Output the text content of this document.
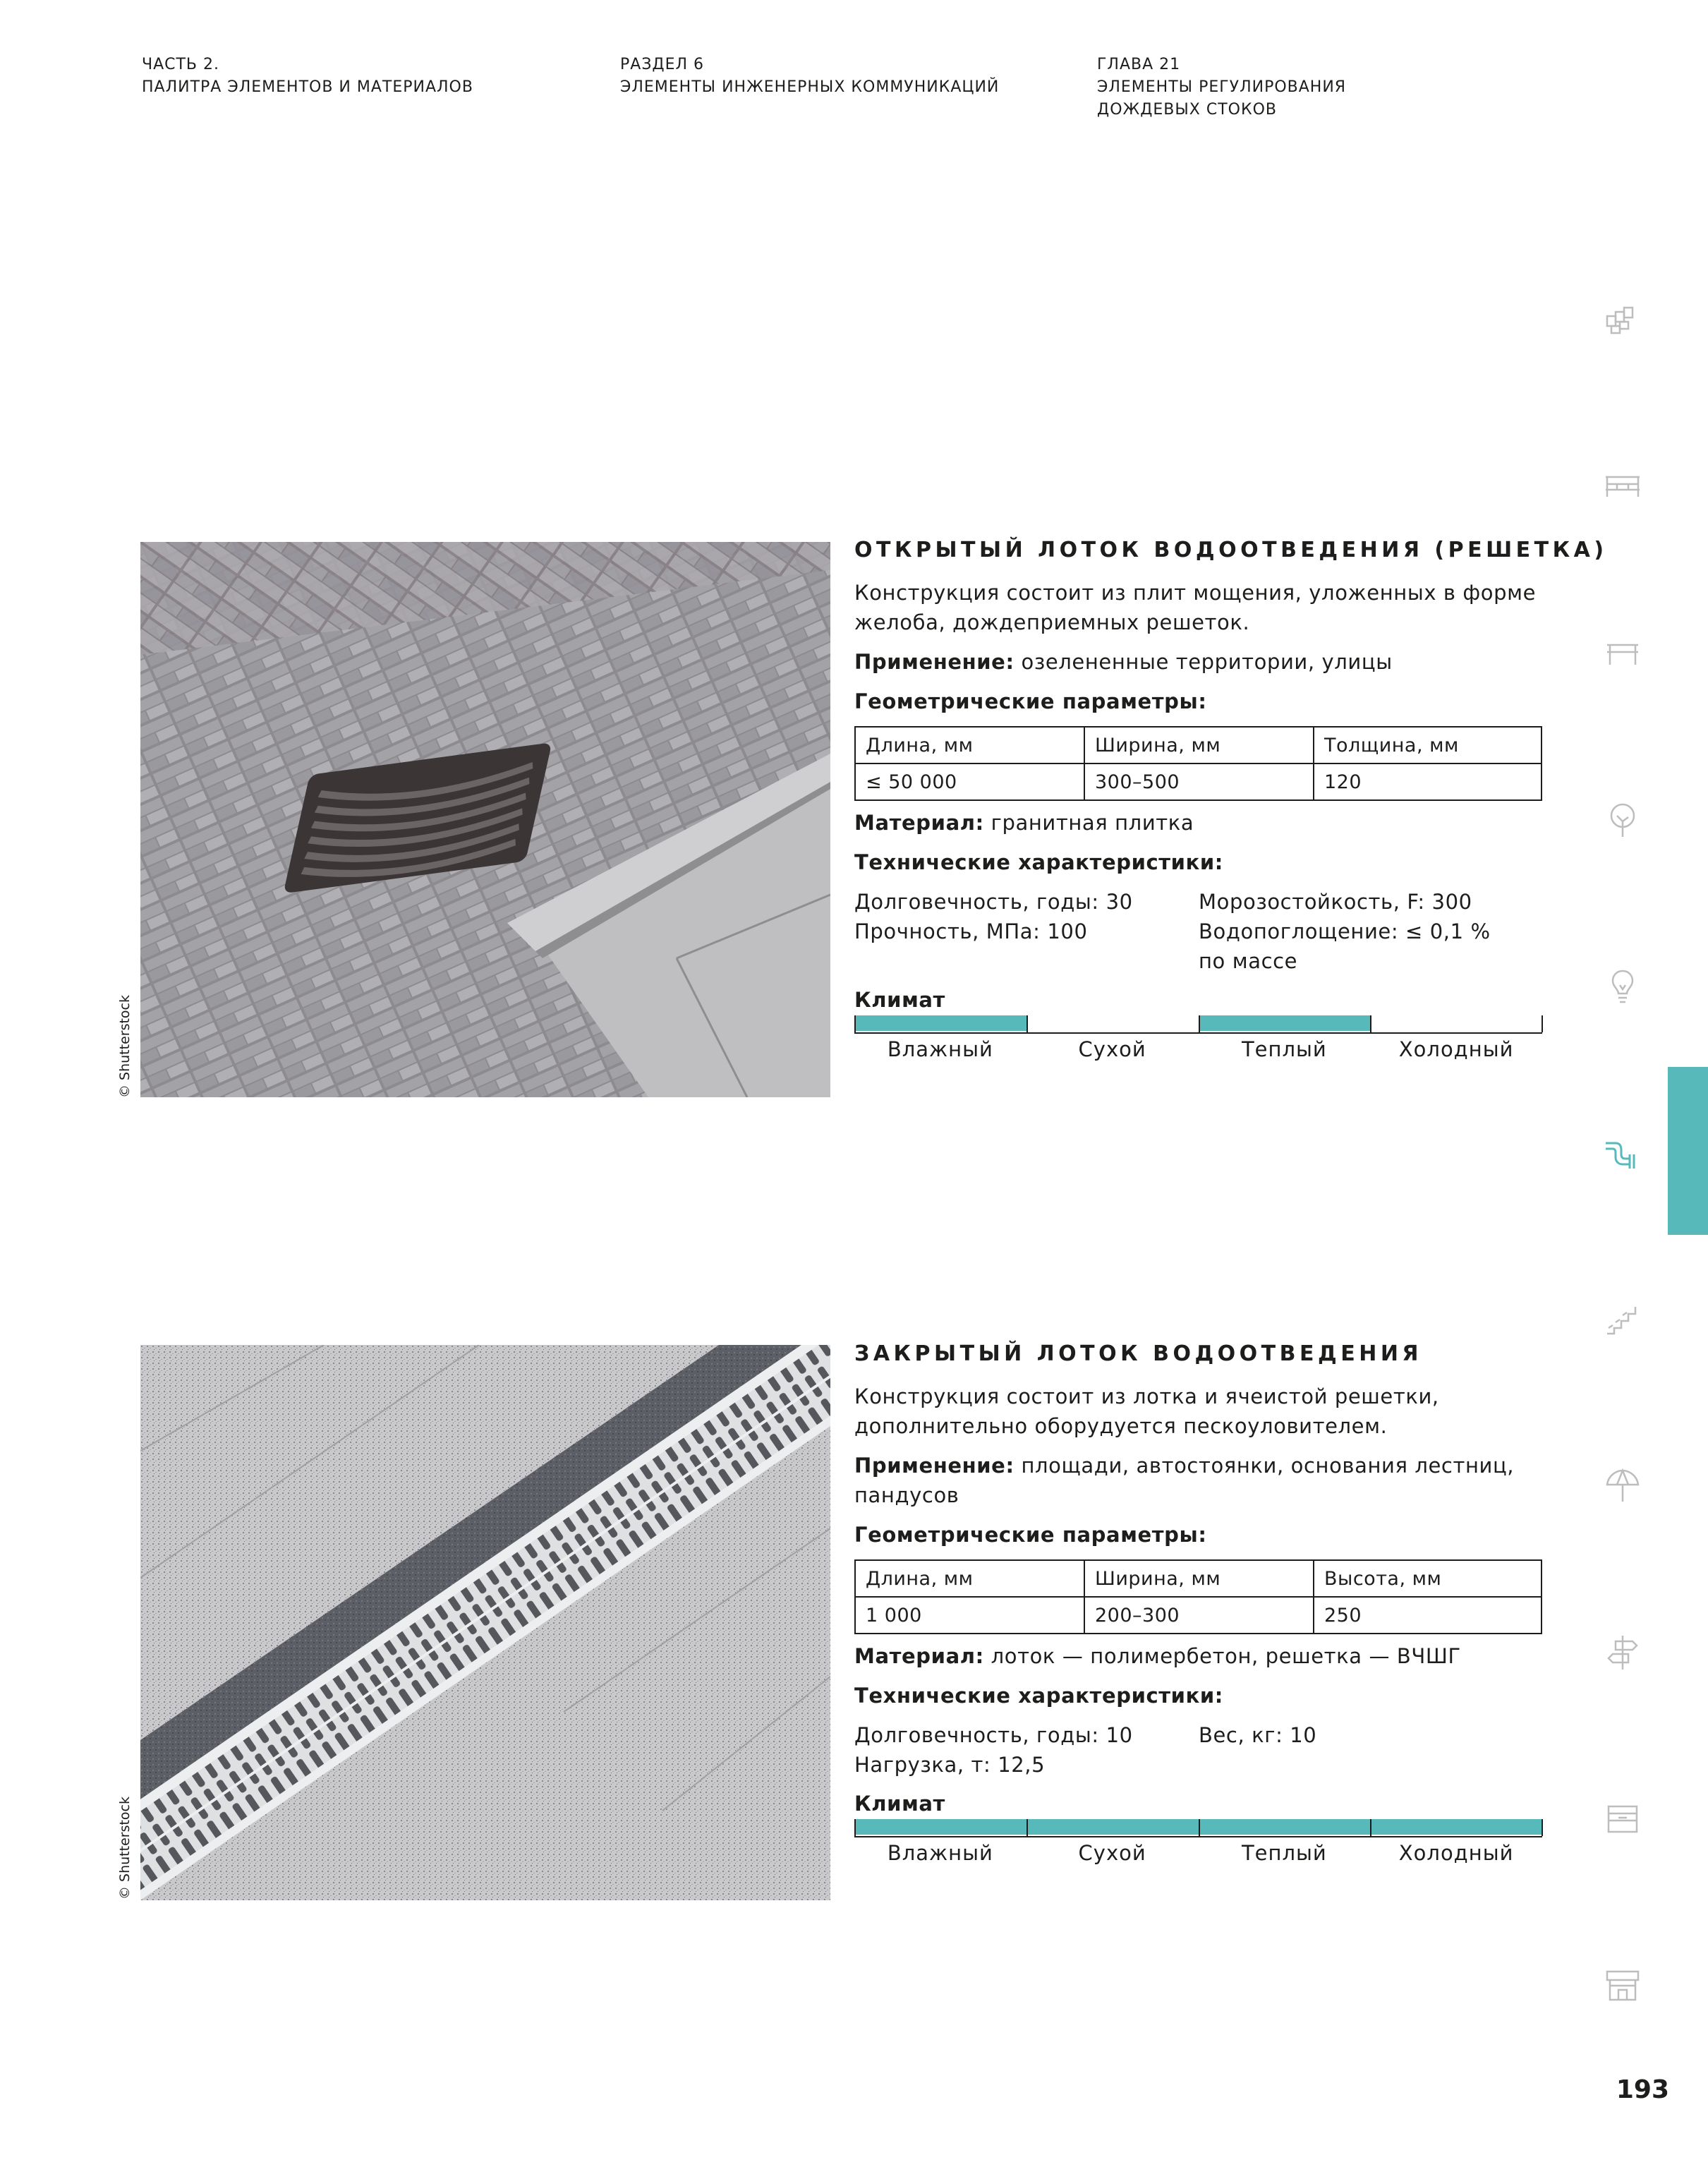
ЧАСТЬ 2.
ПАЛИТРА ЭЛЕМЕНТОВ И МАТЕРИАЛОВ
РАЗДЕЛ 6
ЭЛЕМЕНТЫ ИНЖЕНЕРНЫХ КОММУНИКАЦИЙ
ГЛАВА 21
ЭЛЕМЕНТЫ РЕГУЛИРОВАНИЯ
ДОЖДЕВЫХ СТОКОВ
193
© Shutterstock
ОТКРЫТЫЙ ЛОТОК ВОДООТВЕДЕНИЯ (РЕШЕТКА)
Конструкция состоит из плит мощения, уложенных в форме желоба, дождеприемных решеток.
Применение: озелененные территории, улицы
Геометрические параметры:
Длина, мм	Ширина, мм	Толщина, мм
≤ 50 000	300–500	120
Материал: гранитная плитка
Технические характеристики:
Долговечность, годы: 30
Прочность, МПа: 100
Морозостойкость, F: 300
Водопоглощение: ≤ 0,1 %
по массе
Климат
Влажный	Сухой	Теплый	Холодный
© Shutterstock
ЗАКРЫТЫЙ ЛОТОК ВОДООТВЕДЕНИЯ
Конструкция состоит из лотка и ячеистой решетки, дополнительно оборудуется пескоуловителем.
Применение: площади, автостоянки, основания лестниц, пандусов
Геометрические параметры:
Длина, мм	Ширина, мм	Высота, мм
1 000	200–300	250
Материал: лоток — полимербетон, решетка — ВЧШГ
Технические характеристики:
Долговечность, годы: 10
Нагрузка, т: 12,5
Вес, кг: 10
Климат
Влажный	Сухой	Теплый	Холодный
